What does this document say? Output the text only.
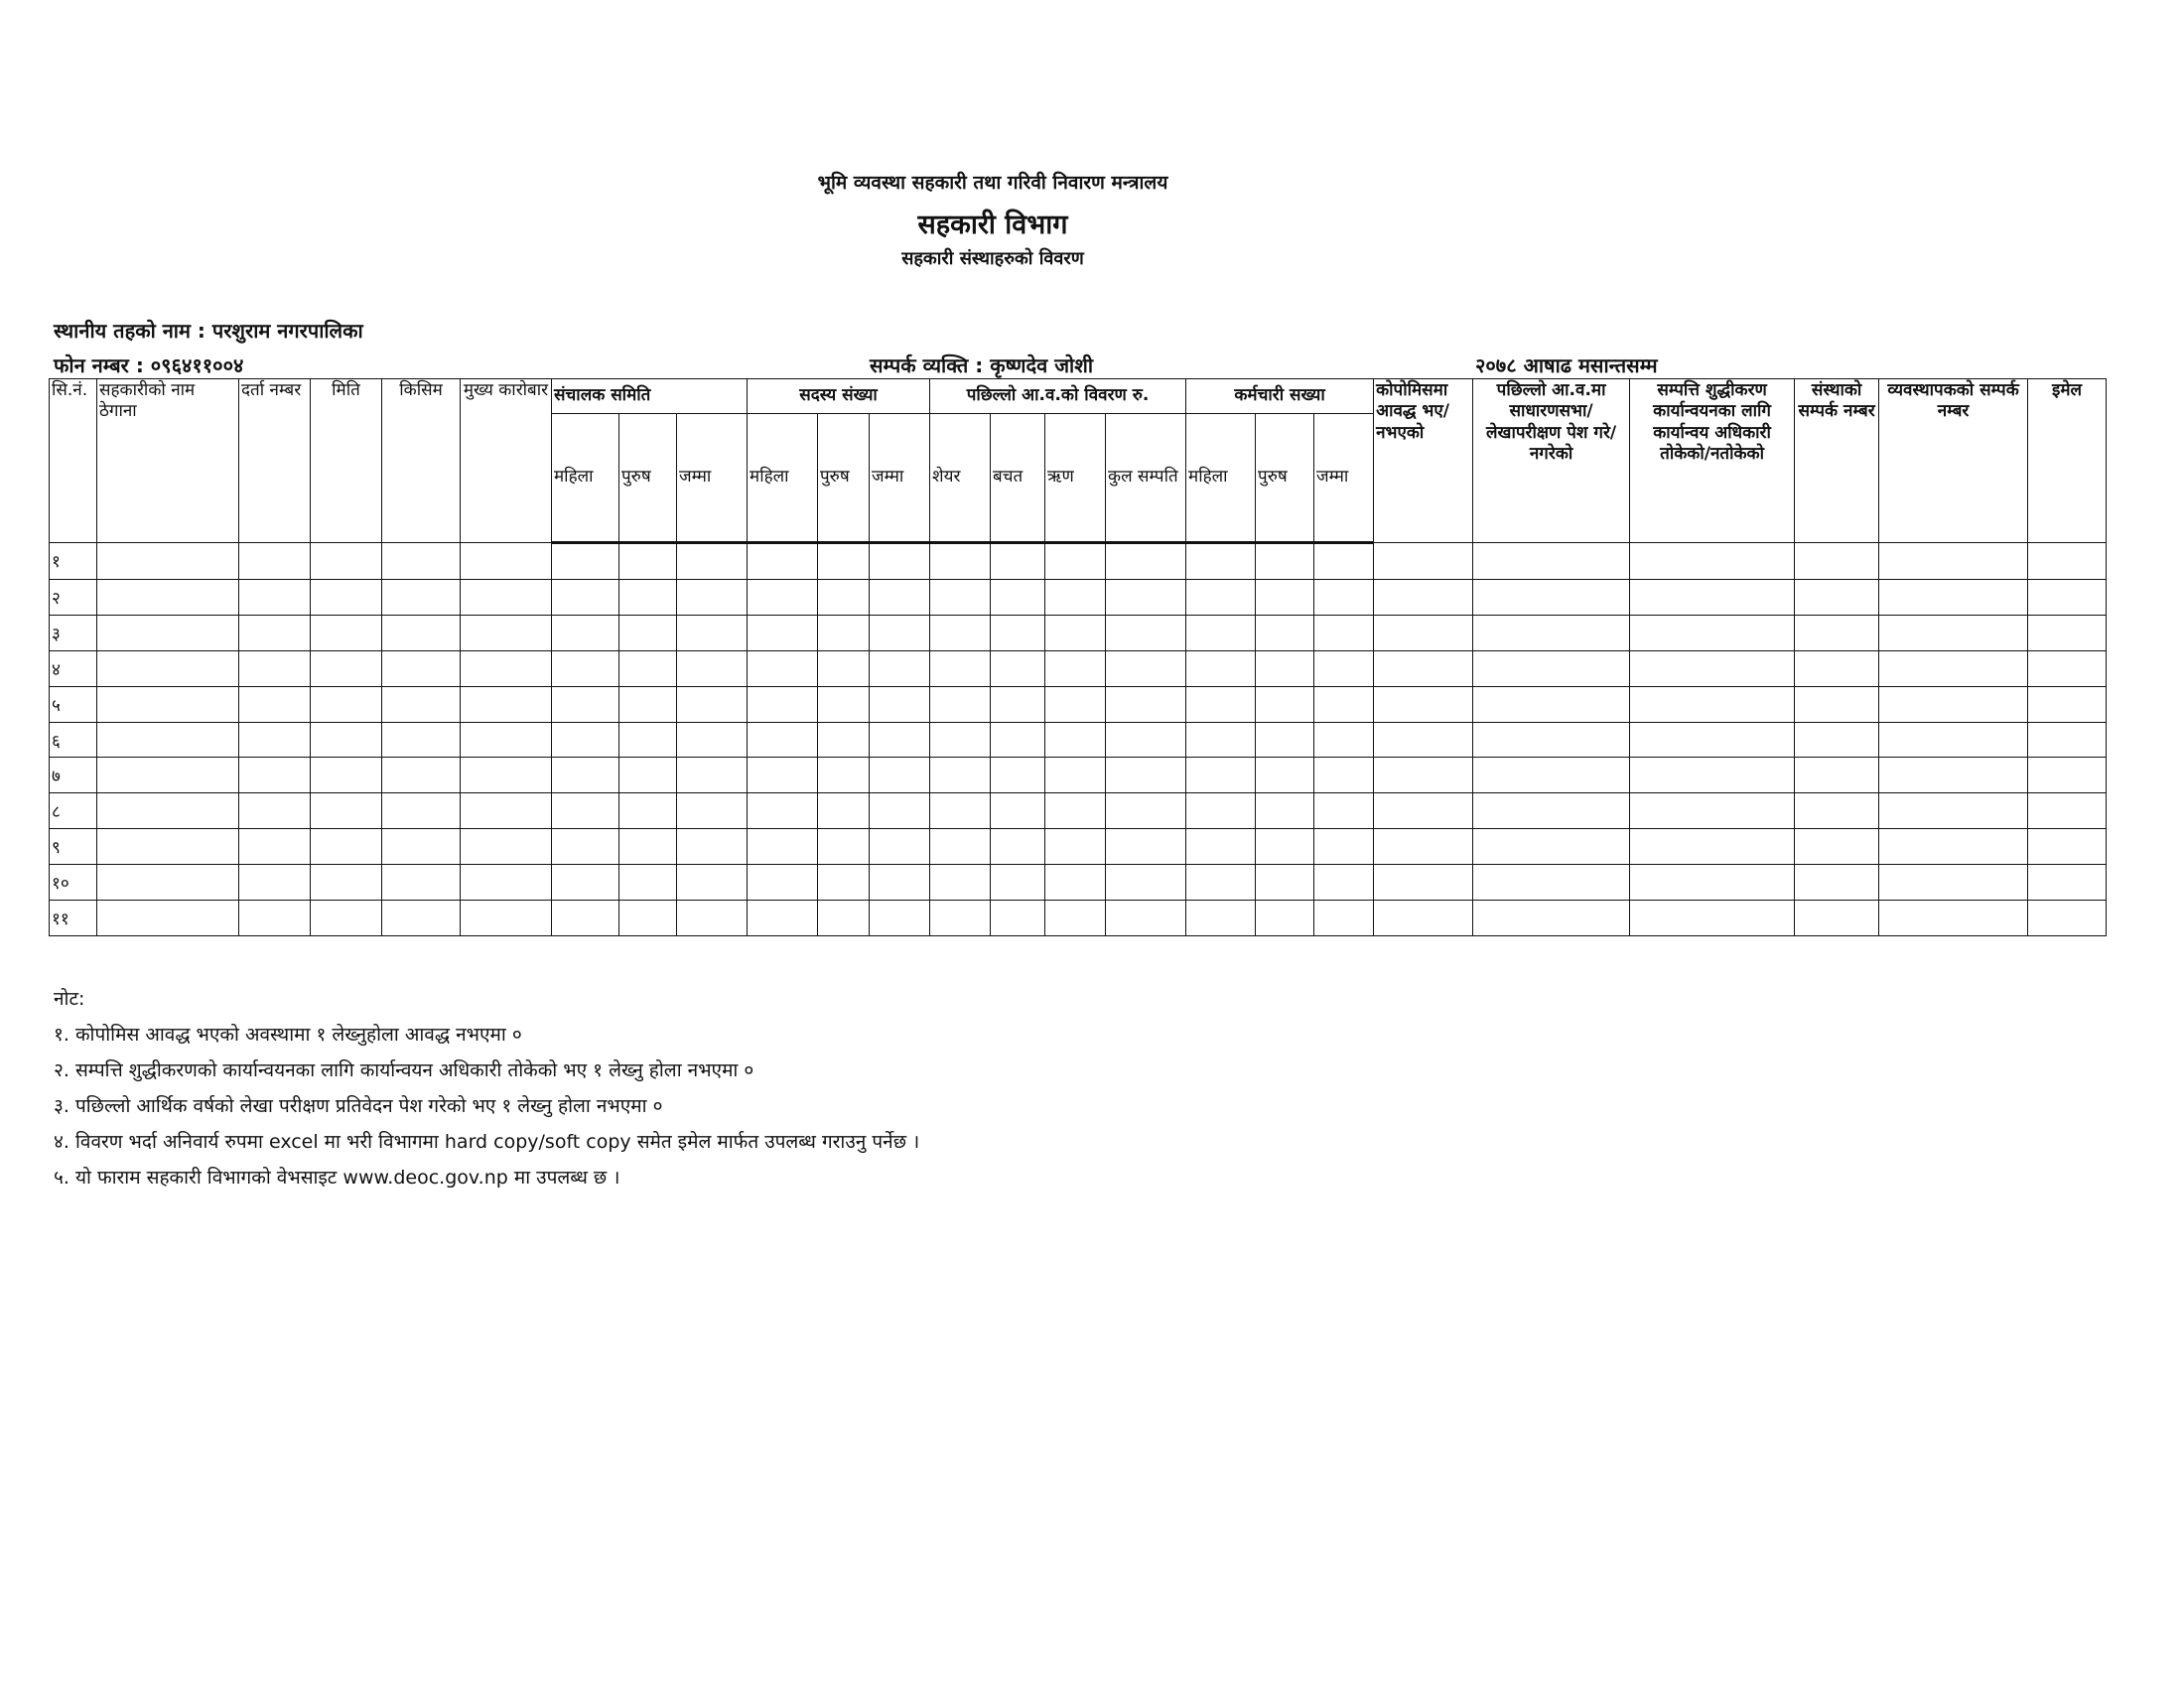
भूमि व्यवस्था सहकारी तथा गरिवी निवारण मन्त्रालय
सहकारी विभाग
सहकारी संस्थाहरुको विवरण
स्थानीय तहको नाम : परशुराम नगरपालिका
फोन नम्बर : ०९६४११००४	सम्पर्क व्यक्ति : कृष्णदेव जोशी	२०७८ आषाढ मसान्तसम्म
सि.नं.	सहकारीको नाम ठेगाना	दर्ता नम्बर	मिति	किसिम	मुख्य कारोबार	संचालक समिति			सदस्य संख्या			पछिल्लो आ.व.को विवरण रु.				कर्मचारी सख्या			कोपोमिसमा आवद्ध भए/ नभएको	पछिल्लो आ.व.मा साधारणसभा/लेखापरीक्षण पेश गरे/नगरेको	सम्पत्ति शुद्धीकरण कार्यान्वयनका लागि कार्यान्वय अधिकारी तोकेको/नतोकेको	संस्थाको सम्पर्क नम्बर	व्यवस्थापकको सम्पर्क नम्बर	इमेल
						महिला	पुरुष	जम्मा	महिला	पुरुष	जम्मा	शेयर	बचत	ऋण	कुल सम्पति	महिला	पुरुष	जम्मा						
१																								
२																								
३																								
४																								
५																								
६																								
७																								
८																								
९																								
१०																								
११																								
नोट:
१. कोपोमिस आवद्ध भएको अवस्थामा १ लेख्नुहोला आवद्ध नभएमा ०
२. सम्पत्ति शुद्धीकरणको कार्यान्वयनका लागि कार्यान्वयन अधिकारी तोकेको भए १ लेख्नु होला नभएमा ०
३. पछिल्लो आर्थिक वर्षको लेखा परीक्षण प्रतिवेदन पेश गरेको भए १ लेख्नु होला नभएमा ०
४. विवरण भर्दा अनिवार्य रुपमा excel मा भरी विभागमा hard copy/soft copy समेत इमेल मार्फत उपलब्ध गराउनु पर्नेछ ।
५. यो फाराम सहकारी विभागको वेभसाइट www.deoc.gov.np मा उपलब्ध छ ।
